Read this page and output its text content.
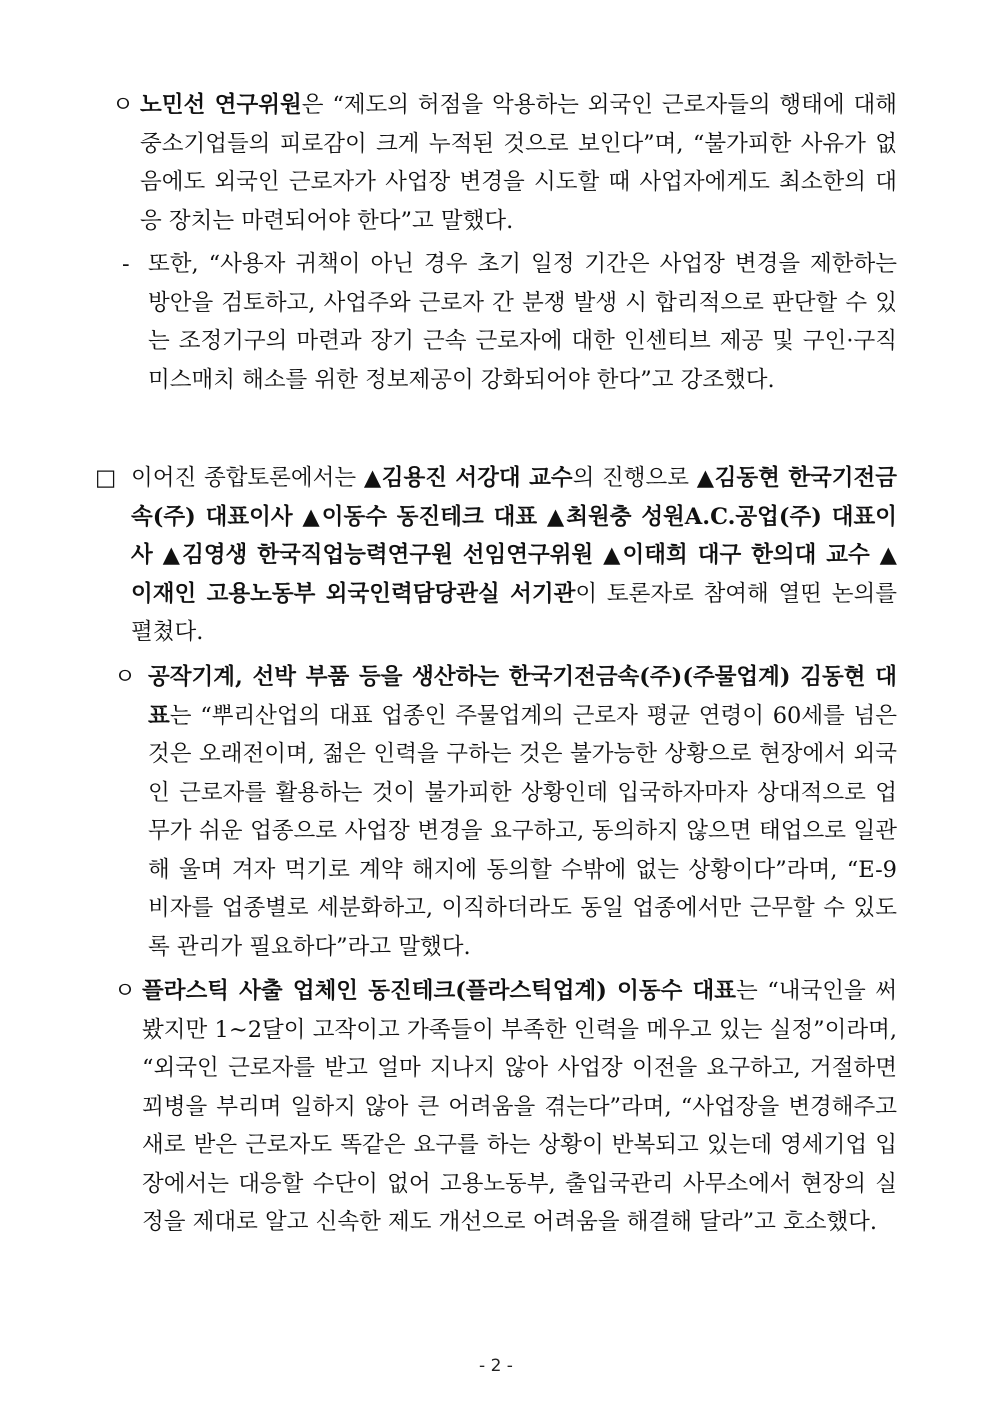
ㅇ 노민선 연구위원은 “제도의 허점을 악용하는 외국인 근로자들의 행태에 대해 중소기업들의 피로감이 크게 누적된 것으로 보인다”며, “불가피한 사유가 없음에도 외국인 근로자가 사업장 변경을 시도할 때 사업자에게도 최소한의 대응 장치는 마련되어야 한다”고 말했다.
- 또한, “사용자 귀책이 아닌 경우 초기 일정 기간은 사업장 변경을 제한하는 방안을 검토하고, 사업주와 근로자 간 분쟁 발생 시 합리적으로 판단할 수 있는 조정기구의 마련과 장기 근속 근로자에 대한 인센티브 제공 및 구인·구직 미스매치 해소를 위한 정보제공이 강화되어야 한다”고 강조했다.
□ 이어진 종합토론에서는 ▲김용진 서강대 교수의 진행으로 ▲김동현 한국기전금속(주) 대표이사 ▲이동수 동진테크 대표 ▲최원충 성원A.C.공업(주) 대표이사 ▲김영생 한국직업능력연구원 선임연구위원 ▲이태희 대구 한의대 교수 ▲이재인 고용노동부 외국인력담당관실 서기관이 토론자로 참여해 열띤 논의를 펼쳤다.
ㅇ 공작기계, 선박 부품 등을 생산하는 한국기전금속(주)(주물업계) 김동현 대표는 “뿌리산업의 대표 업종인 주물업계의 근로자 평균 연령이 60세를 넘은 것은 오래전이며, 젊은 인력을 구하는 것은 불가능한 상황으로 현장에서 외국인 근로자를 활용하는 것이 불가피한 상황인데 입국하자마자 상대적으로 업무가 쉬운 업종으로 사업장 변경을 요구하고, 동의하지 않으면 태업으로 일관해 울며 겨자 먹기로 계약 해지에 동의할 수밖에 없는 상황이다”라며, “E-9 비자를 업종별로 세분화하고, 이직하더라도 동일 업종에서만 근무할 수 있도록 관리가 필요하다”라고 말했다.
ㅇ 플라스틱 사출 업체인 동진테크(플라스틱업계) 이동수 대표는 “내국인을 써봤지만 1~2달이 고작이고 가족들이 부족한 인력을 메우고 있는 실정”이라며, “외국인 근로자를 받고 얼마 지나지 않아 사업장 이전을 요구하고, 거절하면 꾀병을 부리며 일하지 않아 큰 어려움을 겪는다”라며, “사업장을 변경해주고 새로 받은 근로자도 똑같은 요구를 하는 상황이 반복되고 있는데 영세기업 입장에서는 대응할 수단이 없어 고용노동부, 출입국관리 사무소에서 현장의 실정을 제대로 알고 신속한 제도 개선으로 어려움을 해결해 달라”고 호소했다.
- 2 -
